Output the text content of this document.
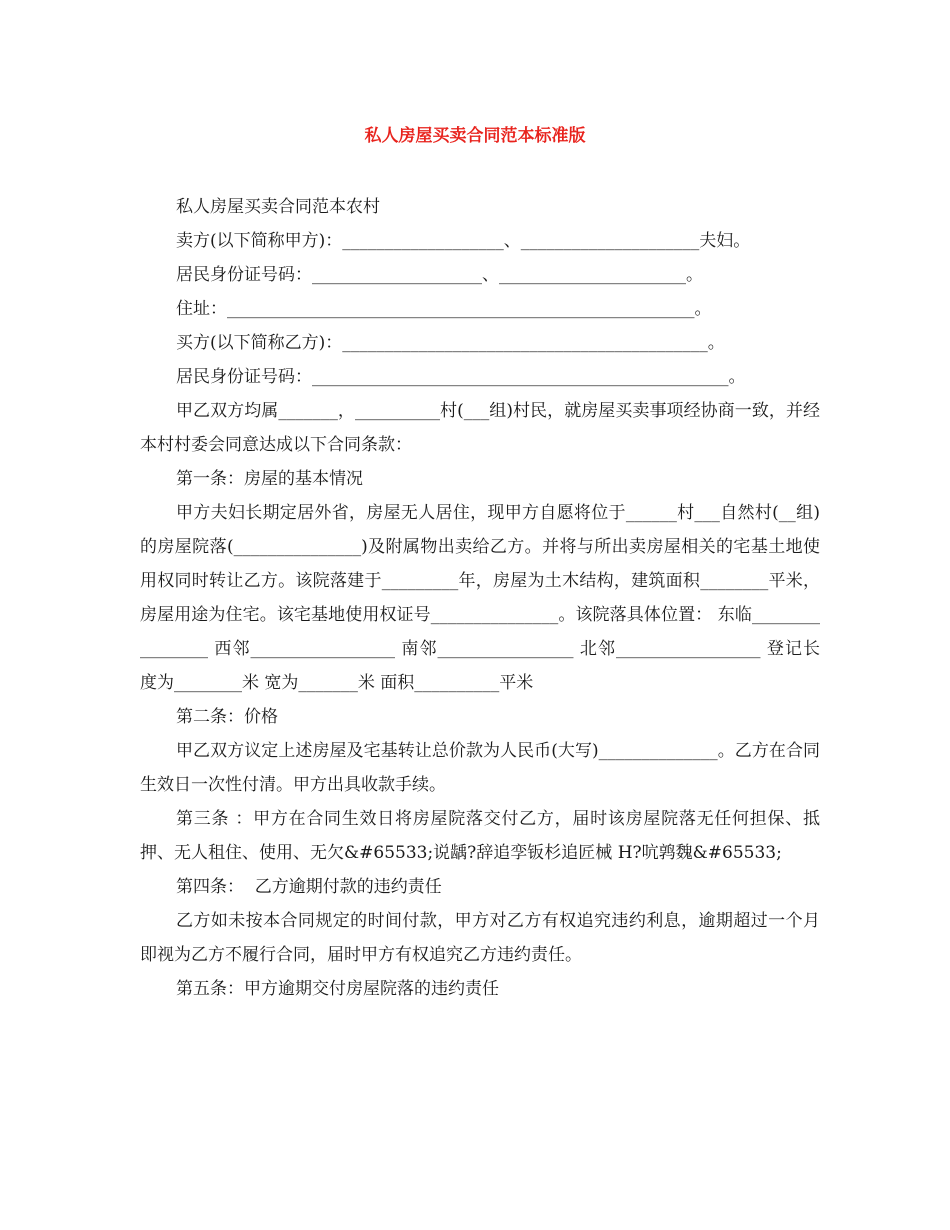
私人房屋买卖合同范本标准版

私人房屋买卖合同范本农村

卖方(以下简称甲方)：___________________、_____________________夫妇。

居民身份证号码：____________________、______________________。

住址：_______________________________________________________。

买方(以下简称乙方)：___________________________________________。

居民身份证号码：_________________________________________________。

甲乙双方均属_______，__________村(___组)村民，就房屋买卖事项经协商一致，并经本村村委会同意达成以下合同条款：

第一条：房屋的基本情况

甲方夫妇长期定居外省，房屋无人居住，现甲方自愿将位于______村___自然村(__组)的房屋院落(_______________)及附属物出卖给乙方。并将与所出卖房屋相关的宅基土地使用权同时转让乙方。该院落建于_________年，房屋为土木结构，建筑面积________平米，房屋用途为住宅。该宅基地使用权证号_______________。该院落具体位置： 东临________________ 西邻_________________ 南邻________________ 北邻_________________ 登记长度为________米 宽为_______米 面积__________平米

第二条：价格

甲乙双方议定上述房屋及宅基转让总价款为人民币(大写)______________。乙方在合同生效日一次性付清。甲方出具收款手续。

第三条 ：甲方在合同生效日将房屋院落交付乙方，届时该房屋院落无任何担保、抵押、无人租住、使用、无欠&#65533;说龋?辞追孪钣杉追匠械 H?吭鹑魏&#65533;

第四条：  乙方逾期付款的违约责任

乙方如未按本合同规定的时间付款，甲方对乙方有权追究违约利息，逾期超过一个月即视为乙方不履行合同，届时甲方有权追究乙方违约责任。

第五条：甲方逾期交付房屋院落的违约责任
